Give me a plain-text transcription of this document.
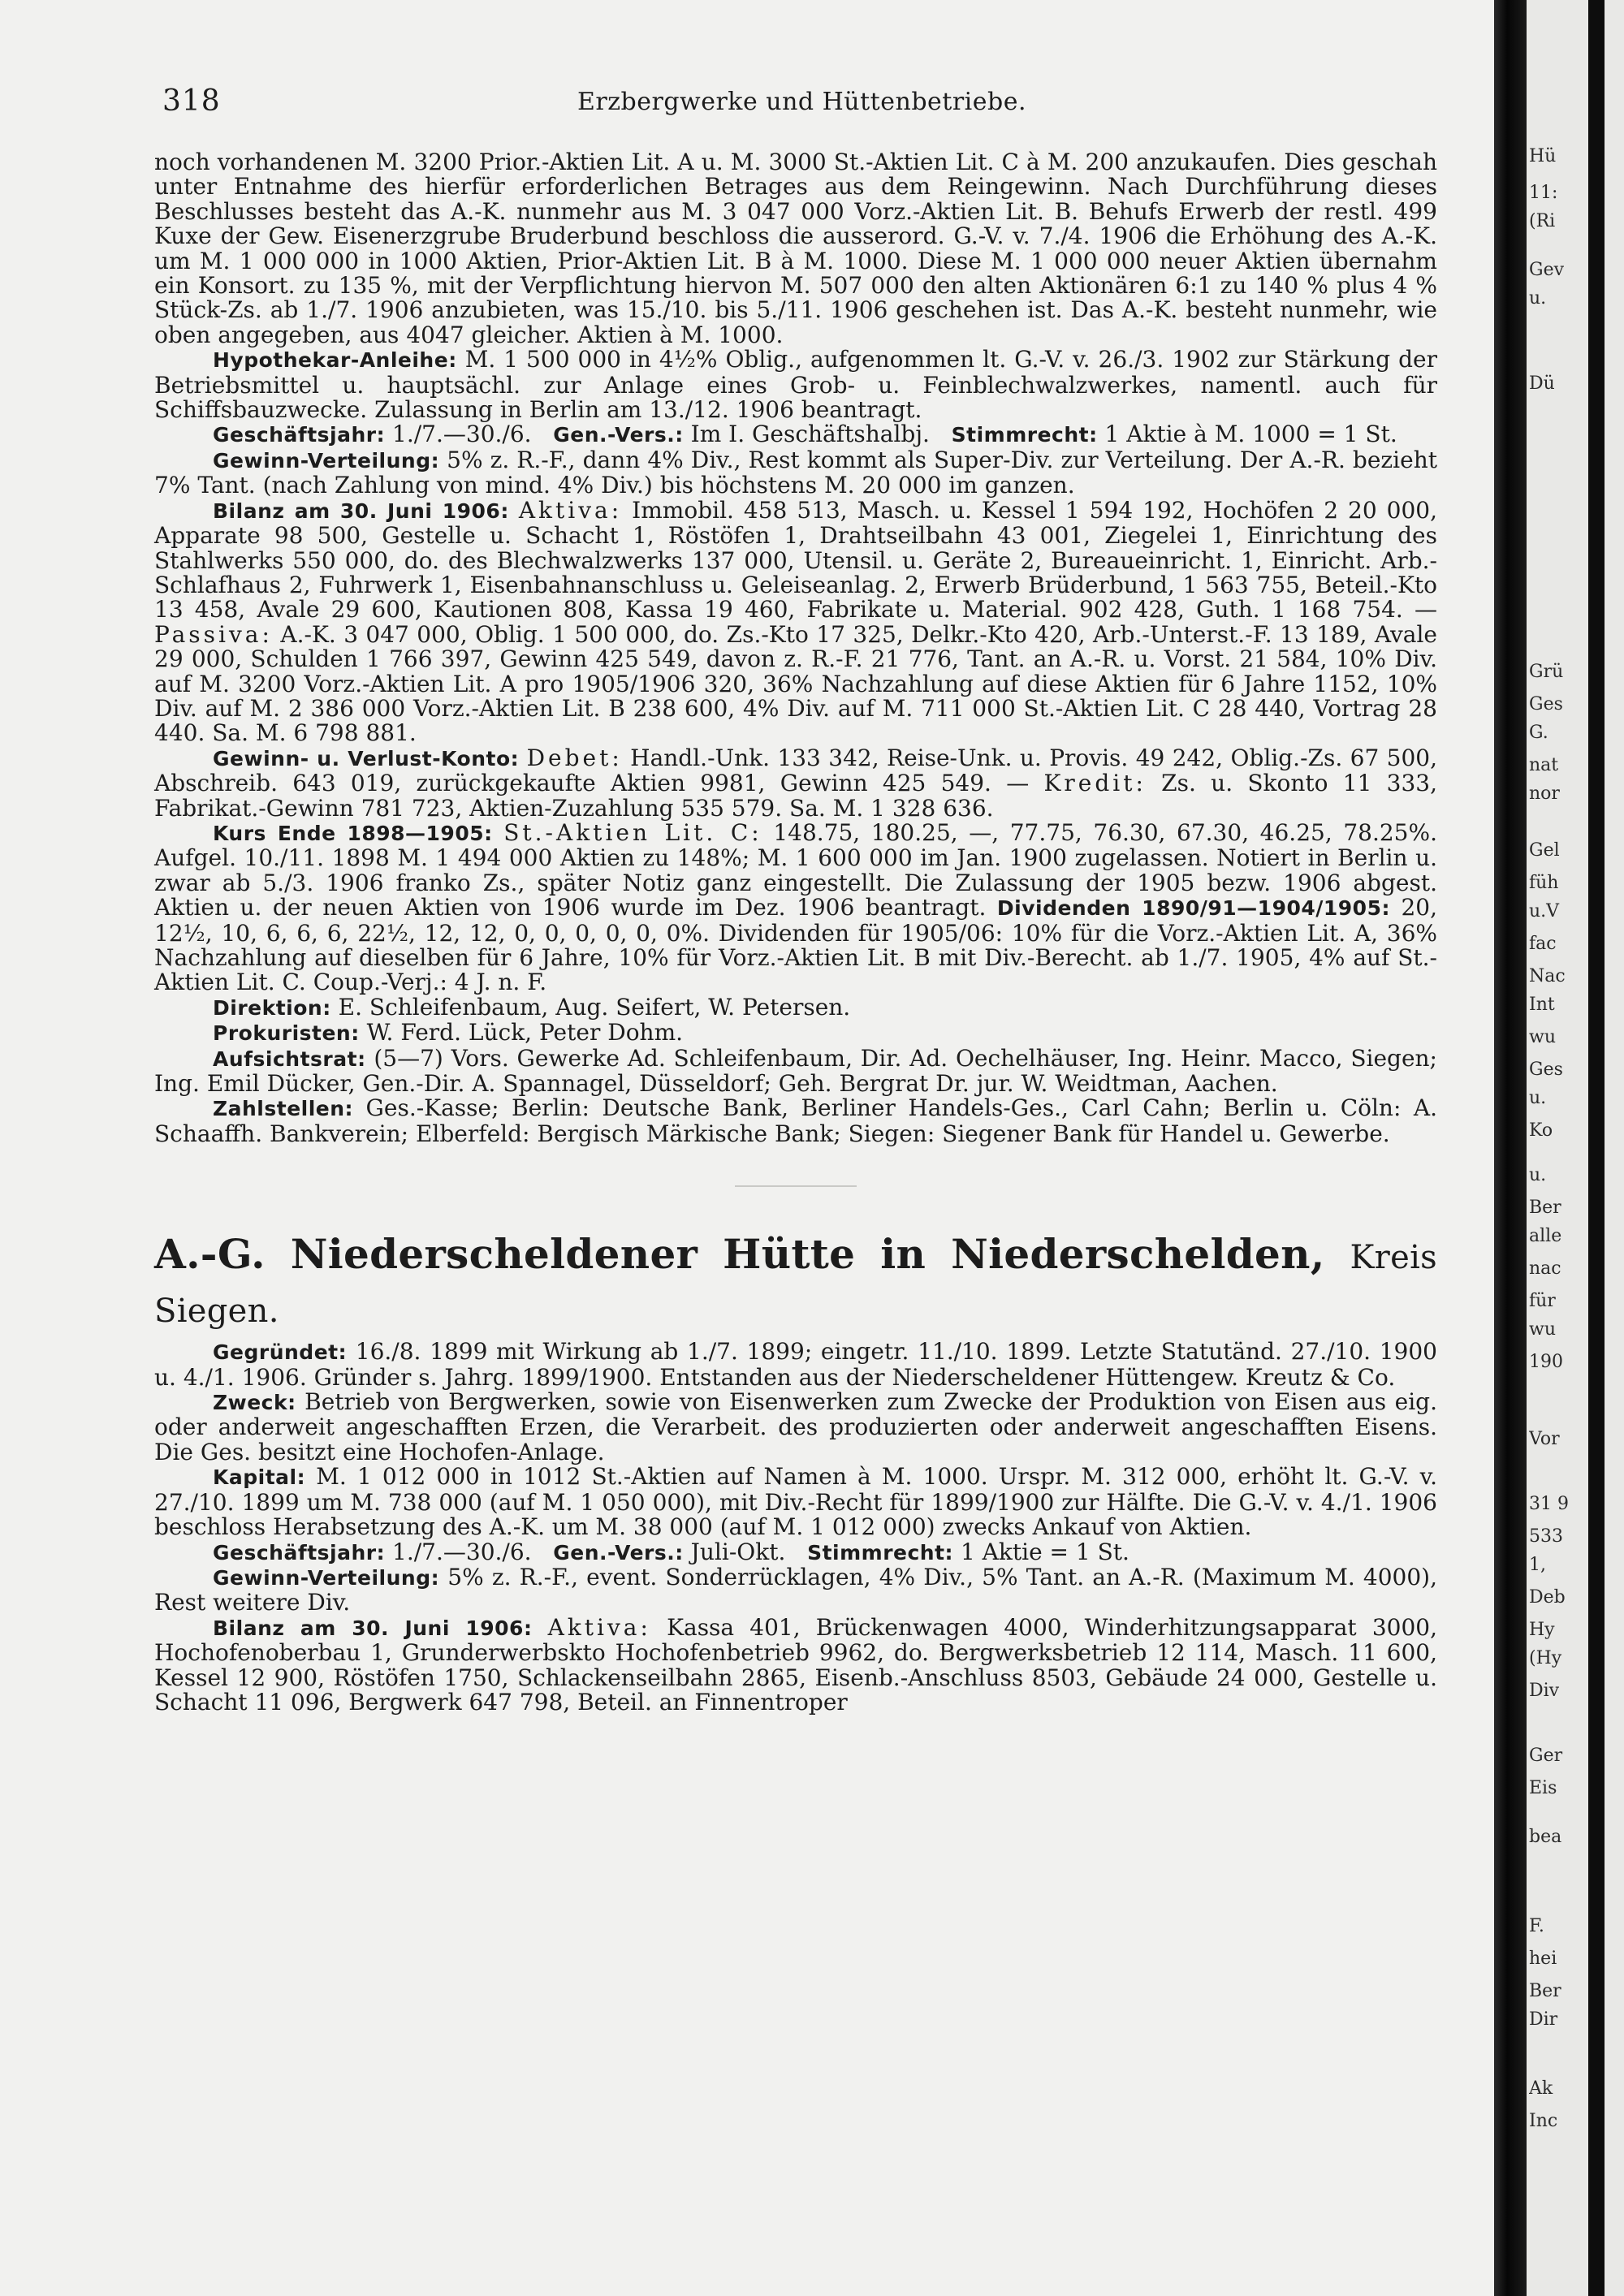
318	Erzbergwerke und Hüttenbetriebe.

noch vorhandenen M. 3200 Prior.-Aktien Lit. A u. M. 3000 St.-Aktien Lit. C à M. 200 anzukaufen. Dies geschah unter Entnahme des hierfür erforderlichen Betrages aus dem Reingewinn. Nach Durchführung dieses Beschlusses besteht das A.-K. nunmehr aus M. 3 047 000 Vorz.-Aktien Lit. B. Behufs Erwerb der restl. 499 Kuxe der Gew. Eisenerzgrube Bruderbund beschloss die ausserord. G.-V. v. 7./4. 1906 die Erhöhung des A.-K. um M. 1 000 000 in 1000 Aktien, Prior-Aktien Lit. B à M. 1000. Diese M. 1 000 000 neuer Aktien übernahm ein Konsort. zu 135 %, mit der Verpflichtung hiervon M. 507 000 den alten Aktionären 6:1 zu 140 % plus 4 % Stück-Zs. ab 1./7. 1906 anzubieten, was 15./10. bis 5./11. 1906 geschehen ist. Das A.-K. besteht nunmehr, wie oben angegeben, aus 4047 gleicher. Aktien à M. 1000.

Hypothekar-Anleihe: M. 1 500 000 in 4½% Oblig., aufgenommen lt. G.-V. v. 26./3. 1902 zur Stärkung der Betriebsmittel u. hauptsächl. zur Anlage eines Grob- u. Feinblechwalzwerkes, namentl. auch für Schiffsbauzwecke. Zulassung in Berlin am 13./12. 1906 beantragt.

Geschäftsjahr: 1./7.—30./6. Gen.-Vers.: Im I. Geschäftshalbj. Stimmrecht: 1 Aktie à M. 1000 = 1 St.

Gewinn-Verteilung: 5% z. R.-F., dann 4% Div., Rest kommt als Super-Div. zur Verteilung. Der A.-R. bezieht 7% Tant. (nach Zahlung von mind. 4% Div.) bis höchstens M. 20 000 im ganzen.

Bilanz am 30. Juni 1906: Aktiva: Immobil. 458 513, Masch. u. Kessel 1 594 192, Hochöfen 2 20 000, Apparate 98 500, Gestelle u. Schacht 1, Röstöfen 1, Drahtseilbahn 43 001, Ziegelei 1, Einrichtung des Stahlwerks 550 000, do. des Blechwalzwerks 137 000, Utensil. u. Geräte 2, Bureaueinricht. 1, Einricht. Arb.-Schlafhaus 2, Fuhrwerk 1, Eisenbahnanschluss u. Geleiseanlag. 2, Erwerb Brüderbund, 1 563 755, Beteil.-Kto 13 458, Avale 29 600, Kautionen 808, Kassa 19 460, Fabrikate u. Material. 902 428, Guth. 1 168 754. — Passiva: A.-K. 3 047 000, Oblig. 1 500 000, do. Zs.-Kto 17 325, Delkr.-Kto 420, Arb.-Unterst.-F. 13 189, Avale 29 000, Schulden 1 766 397, Gewinn 425 549, davon z. R.-F. 21 776, Tant. an A.-R. u. Vorst. 21 584, 10% Div. auf M. 3200 Vorz.-Aktien Lit. A pro 1905/1906 320, 36% Nachzahlung auf diese Aktien für 6 Jahre 1152, 10% Div. auf M. 2 386 000 Vorz.-Aktien Lit. B 238 600, 4% Div. auf M. 711 000 St.-Aktien Lit. C 28 440, Vortrag 28 440. Sa. M. 6 798 881.

Gewinn- u. Verlust-Konto: Debet: Handl.-Unk. 133 342, Reise-Unk. u. Provis. 49 242, Oblig.-Zs. 67 500, Abschreib. 643 019, zurückgekaufte Aktien 9981, Gewinn 425 549. — Kredit: Zs. u. Skonto 11 333, Fabrikat.-Gewinn 781 723, Aktien-Zuzahlung 535 579. Sa. M. 1 328 636.

Kurs Ende 1898—1905: St.-Aktien Lit. C: 148.75, 180.25, —, 77.75, 76.30, 67.30, 46.25, 78.25%. Aufgel. 10./11. 1898 M. 1 494 000 Aktien zu 148%; M. 1 600 000 im Jan. 1900 zugelassen. Notiert in Berlin u. zwar ab 5./3. 1906 franko Zs., später Notiz ganz eingestellt. Die Zulassung der 1905 bezw. 1906 abgest. Aktien u. der neuen Aktien von 1906 wurde im Dez. 1906 beantragt. Dividenden 1890/91—1904/1905: 20, 12½, 10, 6, 6, 6, 22½, 12, 12, 0, 0, 0, 0, 0, 0%. Dividenden für 1905/06: 10% für die Vorz.-Aktien Lit. A, 36% Nachzahlung auf dieselben für 6 Jahre, 10% für Vorz.-Aktien Lit. B mit Div.-Berecht. ab 1./7. 1905, 4% auf St.-Aktien Lit. C. Coup.-Verj.: 4 J. n. F.

Direktion: E. Schleifenbaum, Aug. Seifert, W. Petersen.

Prokuristen: W. Ferd. Lück, Peter Dohm.

Aufsichtsrat: (5—7) Vors. Gewerke Ad. Schleifenbaum, Dir. Ad. Oechelhäuser, Ing. Heinr. Macco, Siegen; Ing. Emil Dücker, Gen.-Dir. A. Spannagel, Düsseldorf; Geh. Bergrat Dr. jur. W. Weidtman, Aachen.

Zahlstellen: Ges.-Kasse; Berlin: Deutsche Bank, Berliner Handels-Ges., Carl Cahn; Berlin u. Cöln: A. Schaaffh. Bankverein; Elberfeld: Bergisch Märkische Bank; Siegen: Siegener Bank für Handel u. Gewerbe.

A.-G. Niederscheldener Hütte in Niederschelden, Kreis Siegen.

Gegründet: 16./8. 1899 mit Wirkung ab 1./7. 1899; eingetr. 11./10. 1899. Letzte Statutänd. 27./10. 1900 u. 4./1. 1906. Gründer s. Jahrg. 1899/1900. Entstanden aus der Niederscheldener Hüttengew. Kreutz & Co.

Zweck: Betrieb von Bergwerken, sowie von Eisenwerken zum Zwecke der Produktion von Eisen aus eig. oder anderweit angeschafften Erzen, die Verarbeit. des produzierten oder anderweit angeschafften Eisens. Die Ges. besitzt eine Hochofen-Anlage.

Kapital: M. 1 012 000 in 1012 St.-Aktien auf Namen à M. 1000. Urspr. M. 312 000, erhöht lt. G.-V. v. 27./10. 1899 um M. 738 000 (auf M. 1 050 000), mit Div.-Recht für 1899/1900 zur Hälfte. Die G.-V. v. 4./1. 1906 beschloss Herabsetzung des A.-K. um M. 38 000 (auf M. 1 012 000) zwecks Ankauf von Aktien.

Geschäftsjahr: 1./7.—30./6. Gen.-Vers.: Juli-Okt. Stimmrecht: 1 Aktie = 1 St.

Gewinn-Verteilung: 5% z. R.-F., event. Sonderrücklagen, 4% Div., 5% Tant. an A.-R. (Maximum M. 4000), Rest weitere Div.

Bilanz am 30. Juni 1906: Aktiva: Kassa 401, Brückenwagen 4000, Winderhitzungsapparat 3000, Hochofenoberbau 1, Grunderwerbskto Hochofenbetrieb 9962, do. Bergwerksbetrieb 12 114, Masch. 11 600, Kessel 12 900, Röstöfen 1750, Schlackenseilbahn 2865, Eisenb.-Anschluss 8503, Gebäude 24 000, Gestelle u. Schacht 11 096, Bergwerk 647 798, Beteil. an Finnentroper

Hü
11:
(Ri
Gev
u.
Dü
Grü
Ges
G.
nat
nor
Gel
füh
u.V
fac
Nac
Int
wu
Ges
u.
Ko
u.
Ber
alle
nac
für
wu
190
Vor
31 9
533
1,
Deb
Hy
(Hy
Div
Ger
Eis
bea
F.
hei
Ber
Dir
Ak
Inc
